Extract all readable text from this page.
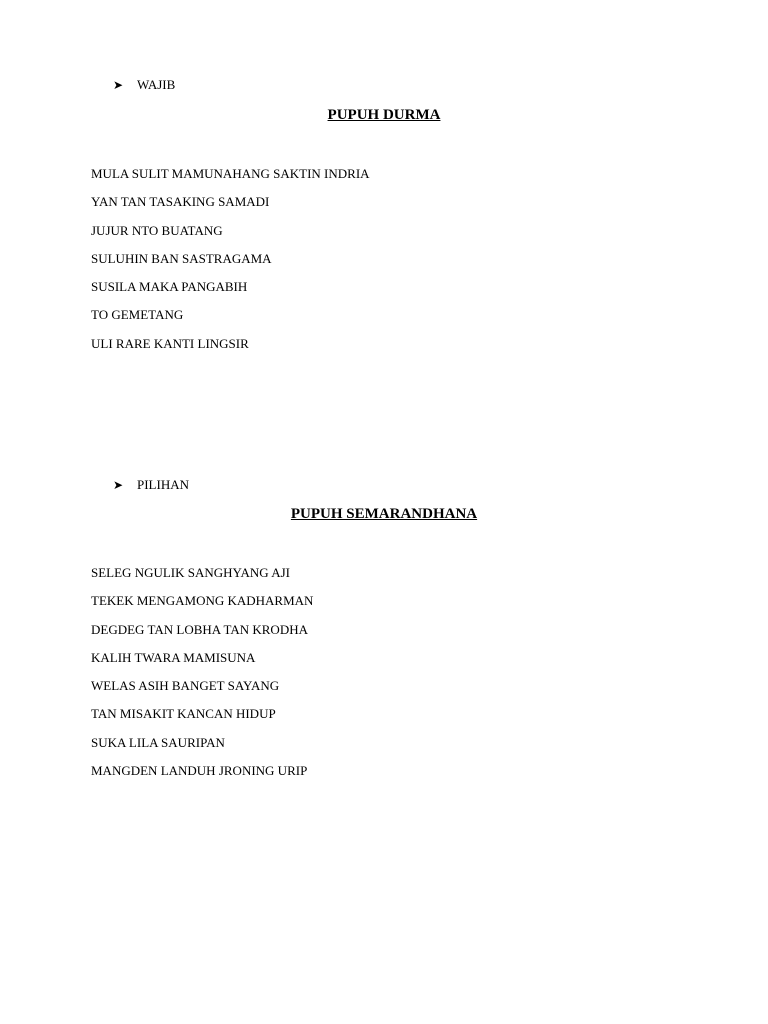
➤	WAJIB
PUPUH DURMA
MULA SULIT MAMUNAHANG SAKTIN INDRIA
YAN TAN TASAKING SAMADI
JUJUR NTO BUATANG
SULUHIN BAN SASTRAGAMA
SUSILA MAKA PANGABIH
TO GEMETANG
ULI RARE KANTI LINGSIR
➤	PILIHAN
PUPUH SEMARANDHANA
SELEG NGULIK SANGHYANG AJI
TEKEK MENGAMONG KADHARMAN
DEGDEG TAN LOBHA TAN KRODHA
KALIH TWARA MAMISUNA
WELAS ASIH BANGET SAYANG
TAN MISAKIT KANCAN HIDUP
SUKA LILA SAURIPAN
MANGDEN LANDUH JRONING URIP
